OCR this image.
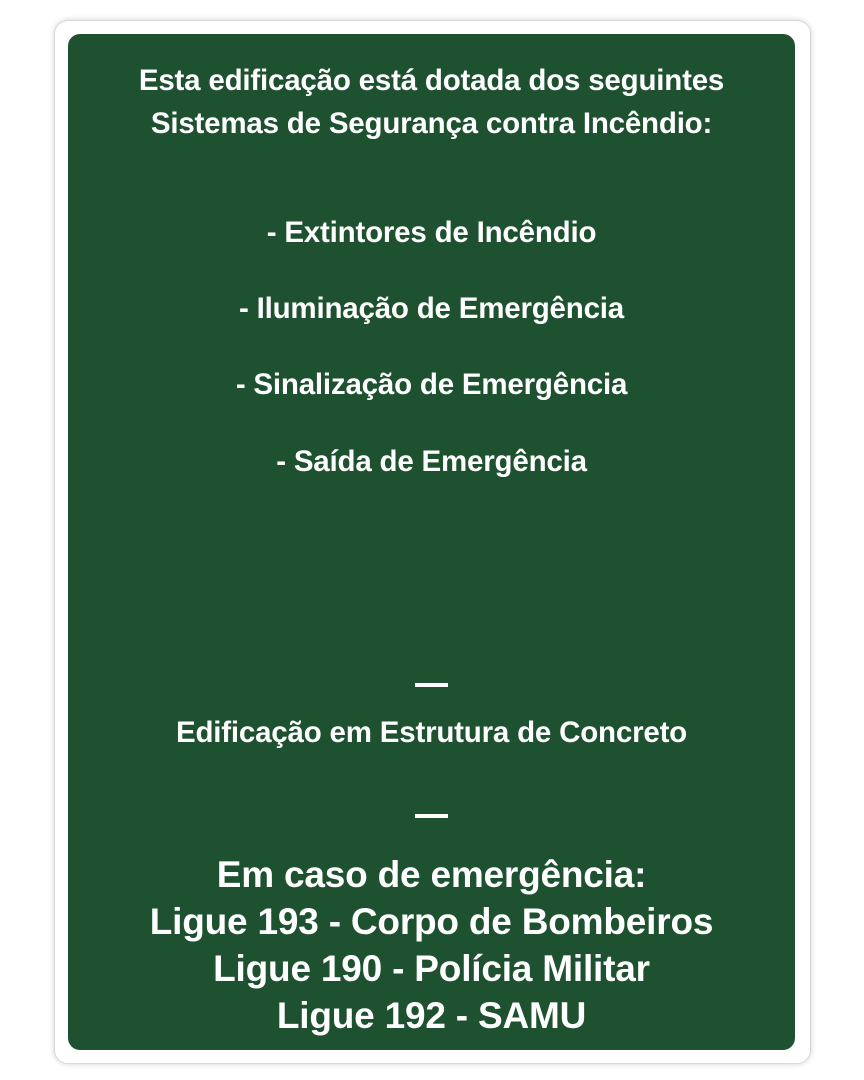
Esta edificação está dotada dos seguintes
Sistemas de Segurança contra Incêndio:
- Extintores de Incêndio
- Iluminação de Emergência
- Sinalização de Emergência
- Saída de Emergência
Edificação em Estrutura de Concreto
Em caso de emergência:
Ligue 193 - Corpo de Bombeiros
Ligue 190 - Polícia Militar
Ligue 192 - SAMU
